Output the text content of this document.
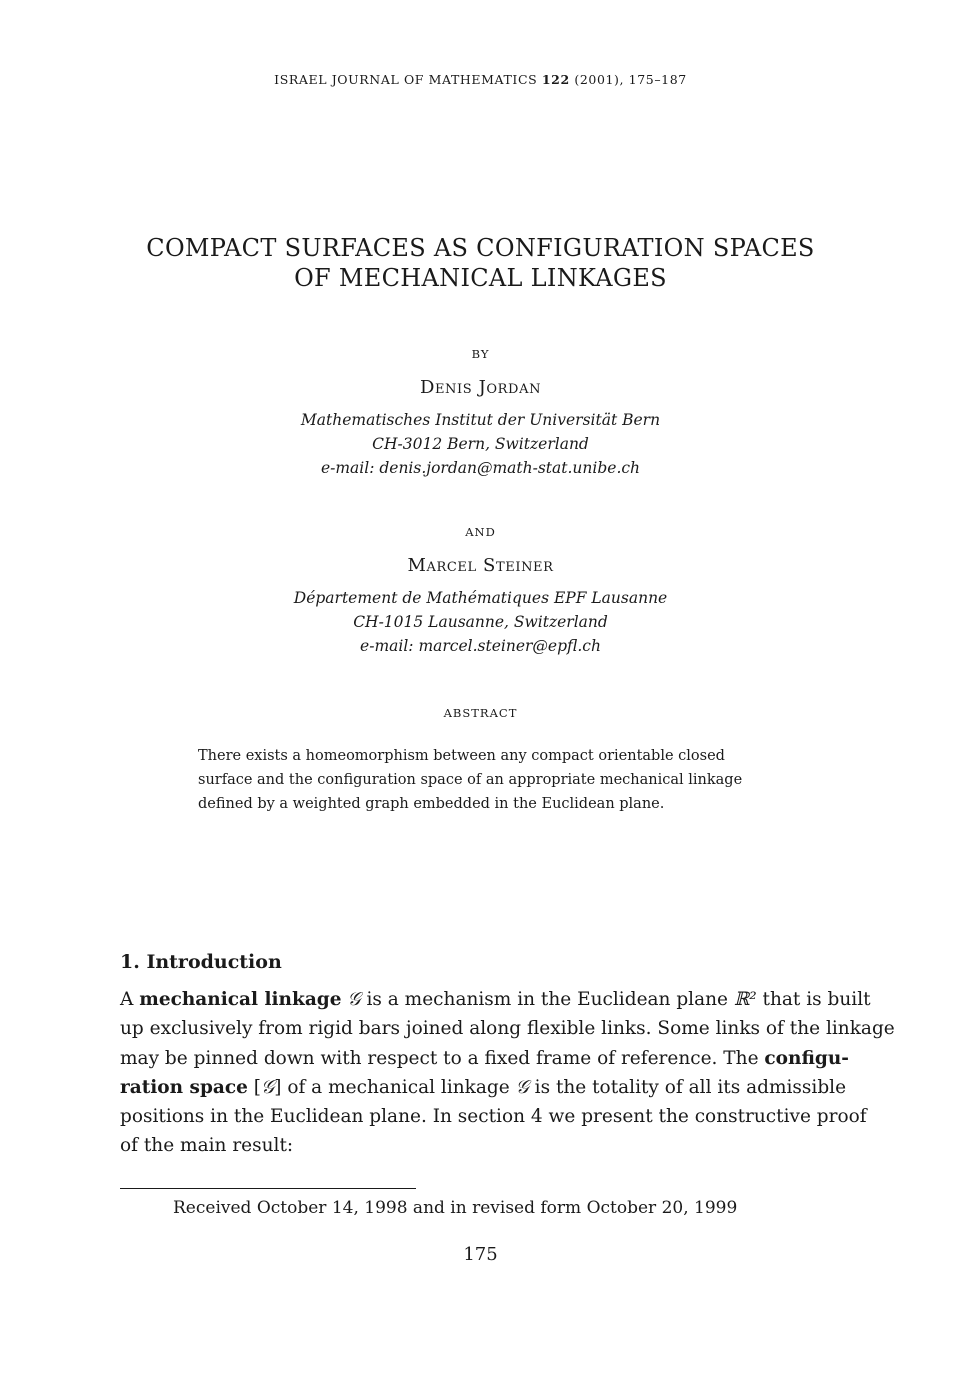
ISRAEL JOURNAL OF MATHEMATICS 122 (2001), 175–187
COMPACT SURFACES AS CONFIGURATION SPACES
OF MECHANICAL LINKAGES
BY
Denis Jordan
Mathematisches Institut der Universität Bern
CH-3012 Bern, Switzerland
e-mail: denis.jordan@math-stat.unibe.ch
AND
Marcel Steiner
Département de Mathématiques EPF Lausanne
CH-1015 Lausanne, Switzerland
e-mail: marcel.steiner@epfl.ch
ABSTRACT
There exists a homeomorphism between any compact orientable closed
surface and the configuration space of an appropriate mechanical linkage
defined by a weighted graph embedded in the Euclidean plane.
1. Introduction
A mechanical linkage 𝒢 is a mechanism in the Euclidean plane ℝ² that is built
up exclusively from rigid bars joined along flexible links. Some links of the linkage
may be pinned down with respect to a fixed frame of reference. The configu-
ration space [𝒢] of a mechanical linkage 𝒢 is the totality of all its admissible
positions in the Euclidean plane. In section 4 we present the constructive proof
of the main result:
Received October 14, 1998 and in revised form October 20, 1999
175
